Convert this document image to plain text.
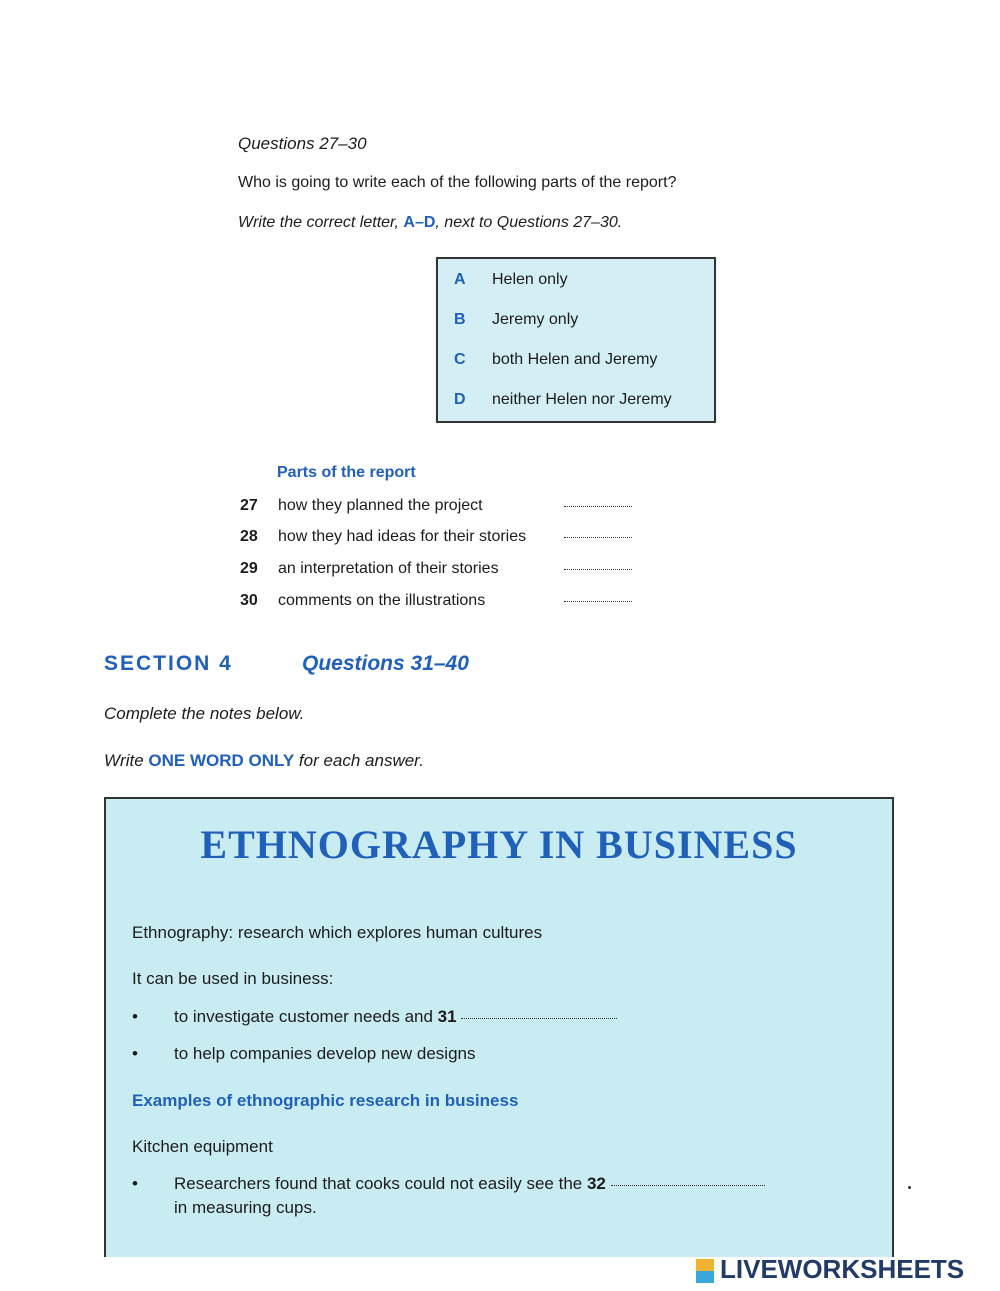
Questions 27–30
Who is going to write each of the following parts of the report?
Write the correct letter, A–D, next to Questions 27–30.
A Helen only
B Jeremy only
C both Helen and Jeremy
D neither Helen nor Jeremy
Parts of the report
27 how they planned the project
28 how they had ideas for their stories
29 an interpretation of their stories
30 comments on the illustrations
SECTION 4	Questions 31–40
Complete the notes below.
Write ONE WORD ONLY for each answer.
ETHNOGRAPHY IN BUSINESS
Ethnography: research which explores human cultures
It can be used in business:
• to investigate customer needs and 31
• to help companies develop new designs
Examples of ethnographic research in business
Kitchen equipment
• Researchers found that cooks could not easily see the 32
in measuring cups.
LIVEWORKSHEETS
